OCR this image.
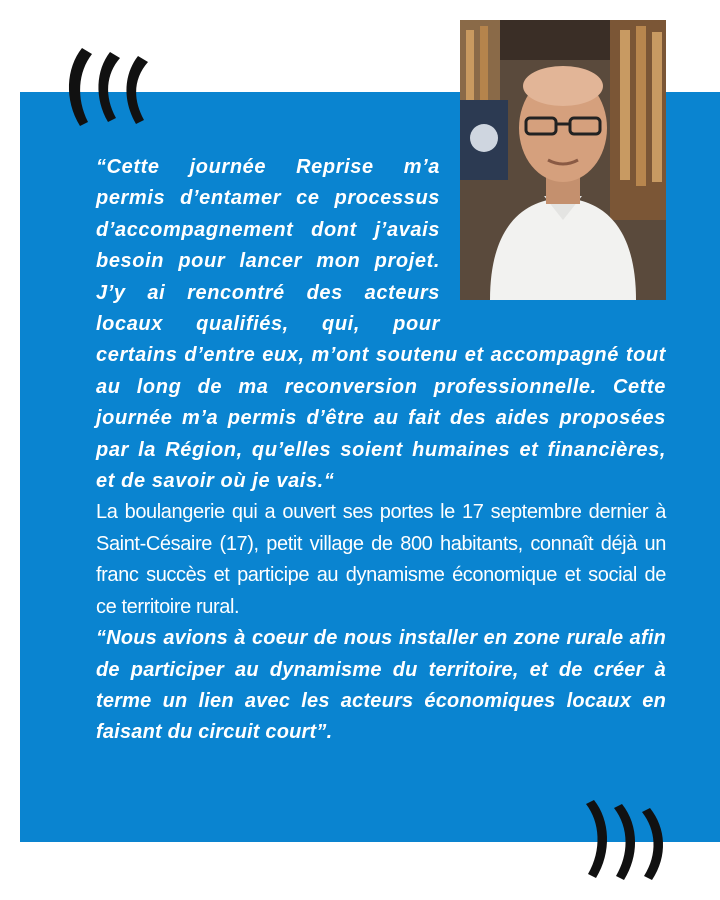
“Cette journée Reprise m’a permis d’entamer ce processus d’accompagnement dont j’avais besoin pour lancer mon projet. J’y ai rencontré des acteurs locaux qualifiés, qui, pour certains d’entre eux, m’ont soutenu et accompagné tout au long de ma reconversion professionnelle. Cette journée m’a permis d’être au fait des aides proposées par la Région, qu’elles soient humaines et financières, et de savoir où je vais.“

La boulangerie qui a ouvert ses portes le 17 septembre dernier à Saint-Césaire (17), petit village de 800 habitants, connaît déjà un franc succès et participe au dynamisme économique et social de ce territoire rural.

“Nous avions à coeur de nous installer en zone rurale afin de participer au dynamisme du territoire, et de créer à terme un lien avec les acteurs économiques locaux en faisant du circuit court”.
